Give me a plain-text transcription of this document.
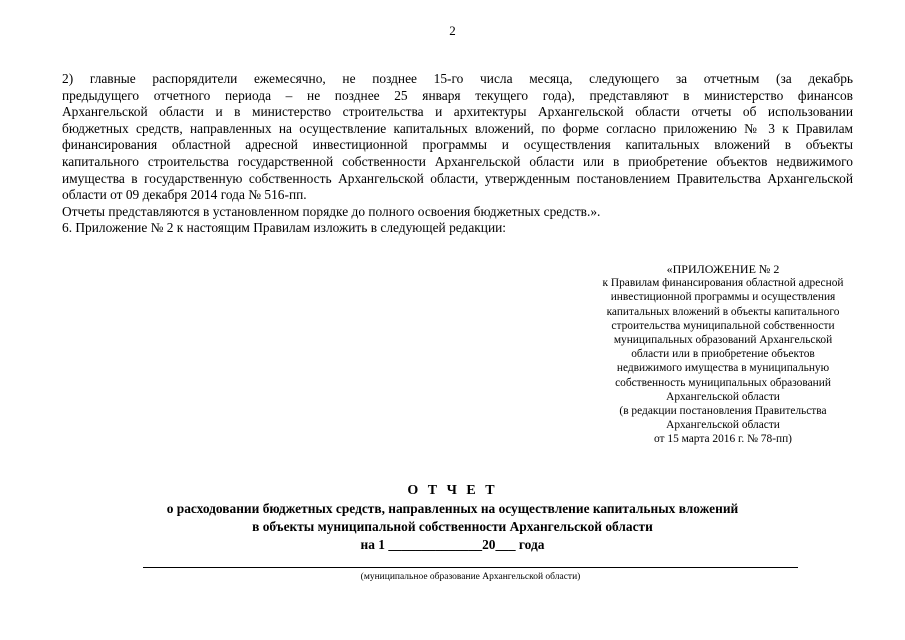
2
2) главные распорядители ежемесячно, не позднее 15-го числа месяца, следующего за отчетным (за декабрь
предыдущего отчетного периода – не позднее 25 января текущего года), представляют в министерство финансов
Архангельской области и в министерство строительства и архитектуры Архангельской области отчеты об использовании
бюджетных средств, направленных на осуществление капитальных вложений, по форме согласно приложению № 3 к Правилам
финансирования областной адресной инвестиционной программы и осуществления капитальных вложений в объекты
капитального строительства государственной собственности Архангельской области или в приобретение объектов недвижимого
имущества в государственную собственность Архангельской области, утвержденным постановлением Правительства Архангельской
области от 09 декабря 2014 года № 516-пп.
Отчеты представляются в установленном порядке до полного освоения бюджетных средств.».
6. Приложение № 2 к настоящим Правилам изложить в следующей редакции:
«ПРИЛОЖЕНИЕ № 2
к Правилам финансирования областной адресной
инвестиционной программы и осуществления
капитальных вложений в объекты капитального
строительства муниципальной собственности
муниципальных образований Архангельской
области или в приобретение объектов
недвижимого имущества в муниципальную
собственность муниципальных образований
Архангельской области
(в редакции постановления Правительства
Архангельской области
от 15 марта 2016 г. № 78-пп)
О Т Ч Е Т
о расходовании бюджетных средств, направленных на осуществление капитальных вложений
в объекты муниципальной собственности Архангельской области
на 1 ______________20___ года
(муниципальное образование Архангельской области)
